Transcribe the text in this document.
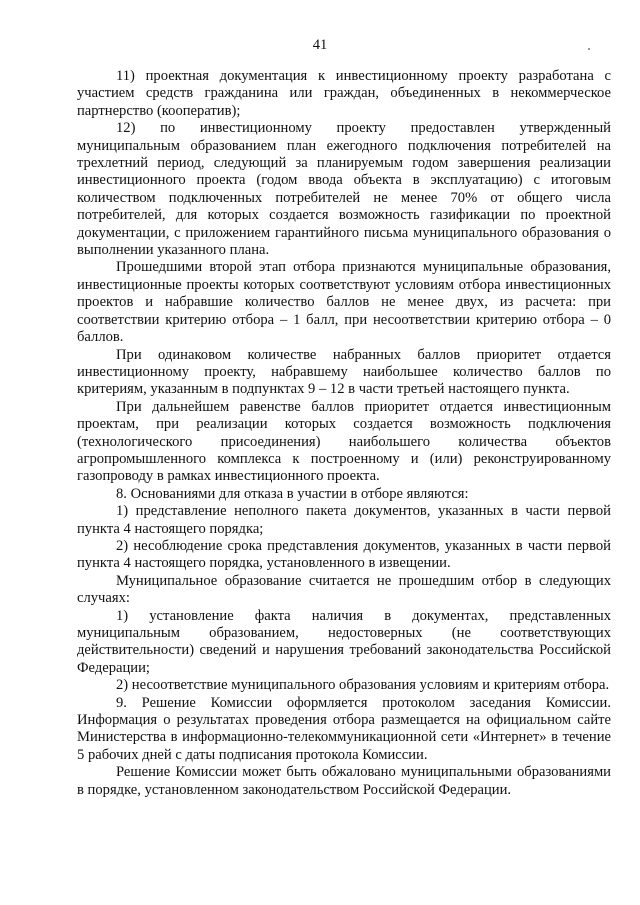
41

11) проектная документация к инвестиционному проекту разработана с участием средств гражданина или граждан, объединенных в некоммерческое партнерство (кооператив);

12) по инвестиционному проекту предоставлен утвержденный муниципальным образованием план ежегодного подключения потребителей на трехлетний период, следующий за планируемым годом завершения реализации инвестиционного проекта (годом ввода объекта в эксплуатацию) с итоговым количеством подключенных потребителей не менее 70% от общего числа потребителей, для которых создается возможность газификации по проектной документации, с приложением гарантийного письма муниципального образования о выполнении указанного плана.

Прошедшими второй этап отбора признаются муниципальные образования, инвестиционные проекты которых соответствуют условиям отбора инвестиционных проектов и набравшие количество баллов не менее двух, из расчета: при соответствии критерию отбора – 1 балл, при несоответствии критерию отбора – 0 баллов.

При одинаковом количестве набранных баллов приоритет отдается инвестиционному проекту, набравшему наибольшее количество баллов по критериям, указанным в подпунктах 9 – 12 в части третьей настоящего пункта.

При дальнейшем равенстве баллов приоритет отдается инвестиционным проектам, при реализации которых создается возможность подключения (технологического присоединения) наибольшего количества объектов агропромышленного комплекса к построенному и (или) реконструированному газопроводу в рамках инвестиционного проекта.

8. Основаниями для отказа в участии в отборе являются:

1) представление неполного пакета документов, указанных в части первой пункта 4 настоящего порядка;

2) несоблюдение срока представления документов, указанных в части первой пункта 4 настоящего порядка, установленного в извещении.

Муниципальное образование считается не прошедшим отбор в следующих случаях:

1) установление факта наличия в документах, представленных муниципальным образованием, недостоверных (не соответствующих действительности) сведений и нарушения требований законодательства Российской Федерации;

2) несоответствие муниципального образования условиям и критериям отбора.

9. Решение Комиссии оформляется протоколом заседания Комиссии. Информация о результатах проведения отбора размещается на официальном сайте Министерства в информационно-телекоммуникационной сети «Интернет» в течение 5 рабочих дней с даты подписания протокола Комиссии.

Решение Комиссии может быть обжаловано муниципальными образованиями в порядке, установленном законодательством Российской Федерации.
